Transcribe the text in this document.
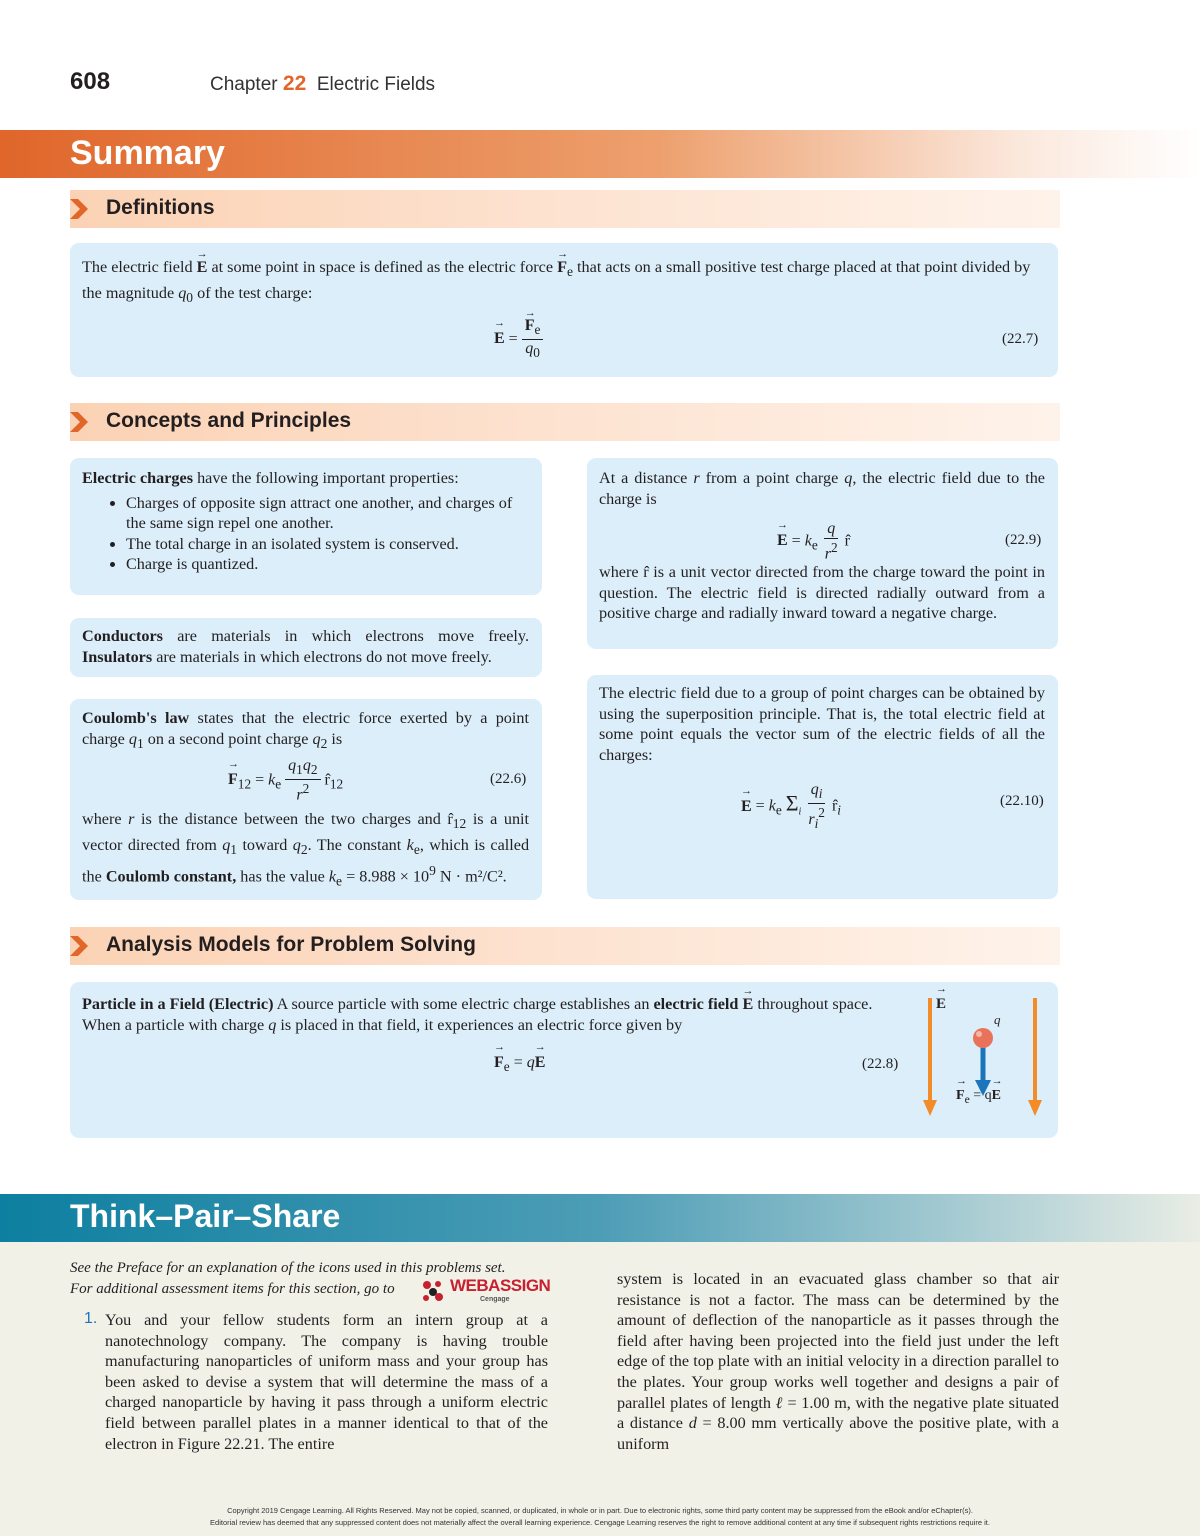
608	Chapter 22 Electric Fields
Summary
Definitions
The electric field → E at some point in space is defined as the electric force → $F_e$ that acts on a small positive test charge placed at that point divided by the magnitude $q_0$ of the test charge:
→ E = → $\frac{F_e}{q_0}$	(22.7)
Concepts and Principles

Electric charges have the following important properties:

• Charges of opposite sign attract one another, and charges of the same sign repel one another.
• The total charge in an isolated system is conserved.
• Charge is quantized.
Conductors are materials in which electrons move freely. Insulators are materials in which electrons do not move freely.
Coulomb's law states that the electric force exerted by a point charge $q_1$ on a second point charge $q_2$ is
→ $F_{12} = k_e \frac{q_1q_2}{r^2}$ $r̂_{12}$	(22.6)
where r is the distance between the two charges and $r̂_{12}$ is a unit vector directed from $q_1$ toward $q_2$. The constant $k_e$, which is called the Coulomb constant, has the value $k_e = 8.988 \times 10^9$ N · m²/C².
At a distance r from a point charge q, the electric field due to the charge is
→ $E = k_e \frac{q}{r^2}$ r̂	(22.9)
where r̂ is a unit vector directed from the charge toward the point in question. The electric field is directed radially outward from a positive charge and radially inward toward a negative charge.
The electric field due to a group of point charges can be obtained by using the superposition principle. That is, the total electric field at some point equals the vector sum of the electric fields of all the charges:
→ $E = k_e$ $\Sigma_i \frac{q_i}{r_i^2}$ $r̂_i$
(22.10)
Analysis Models for Problem Solving
Particle in a Field (Electric) A source particle with some electric charge establishes an electric field → E throughout space. When a particle with charge q is placed in that field, it experiences an electric force given by
→ $F_e = q\to E$	(22.8)
→ E
q
→ $F_e = q\to E$
Think–Pair–Share

See the Preface for an explanation of the icons used in this problems set.

For additional assessment items for this section, go to	WEBASSIGN
Cengage
1. You and your fellow students form an intern group at a nanotechnology company. The company is having trouble manufacturing nanoparticles of uniform mass and your group has been asked to devise a system that will determine the mass of a charged nanoparticle by having it pass through a uniform electric field between parallel plates in a manner identical to that of the electron in Figure 22.21. The entire
system is located in an evacuated glass chamber so that air resistance is not a factor. The mass can be determined by the amount of deflection of the nanoparticle as it passes through the field after having been projected into the field just under the left edge of the top plate with an initial velocity in a direction parallel to the plates. Your group works well together and designs a pair of parallel plates of length ℓ = 1.00 m, with the negative plate situated a distance d = 8.00 mm vertically above the positive plate, with a uniform
Copyright 2019 Cengage Learning. All Rights Reserved. May not be copied, scanned, or duplicated, in whole or in part. Due to electronic rights, some third party content may be suppressed from the eBook and/or eChapter(s).
Editorial review has deemed that any suppressed content does not materially affect the overall learning experience. Cengage Learning reserves the right to remove additional content at any time if subsequent rights restrictions require it.
